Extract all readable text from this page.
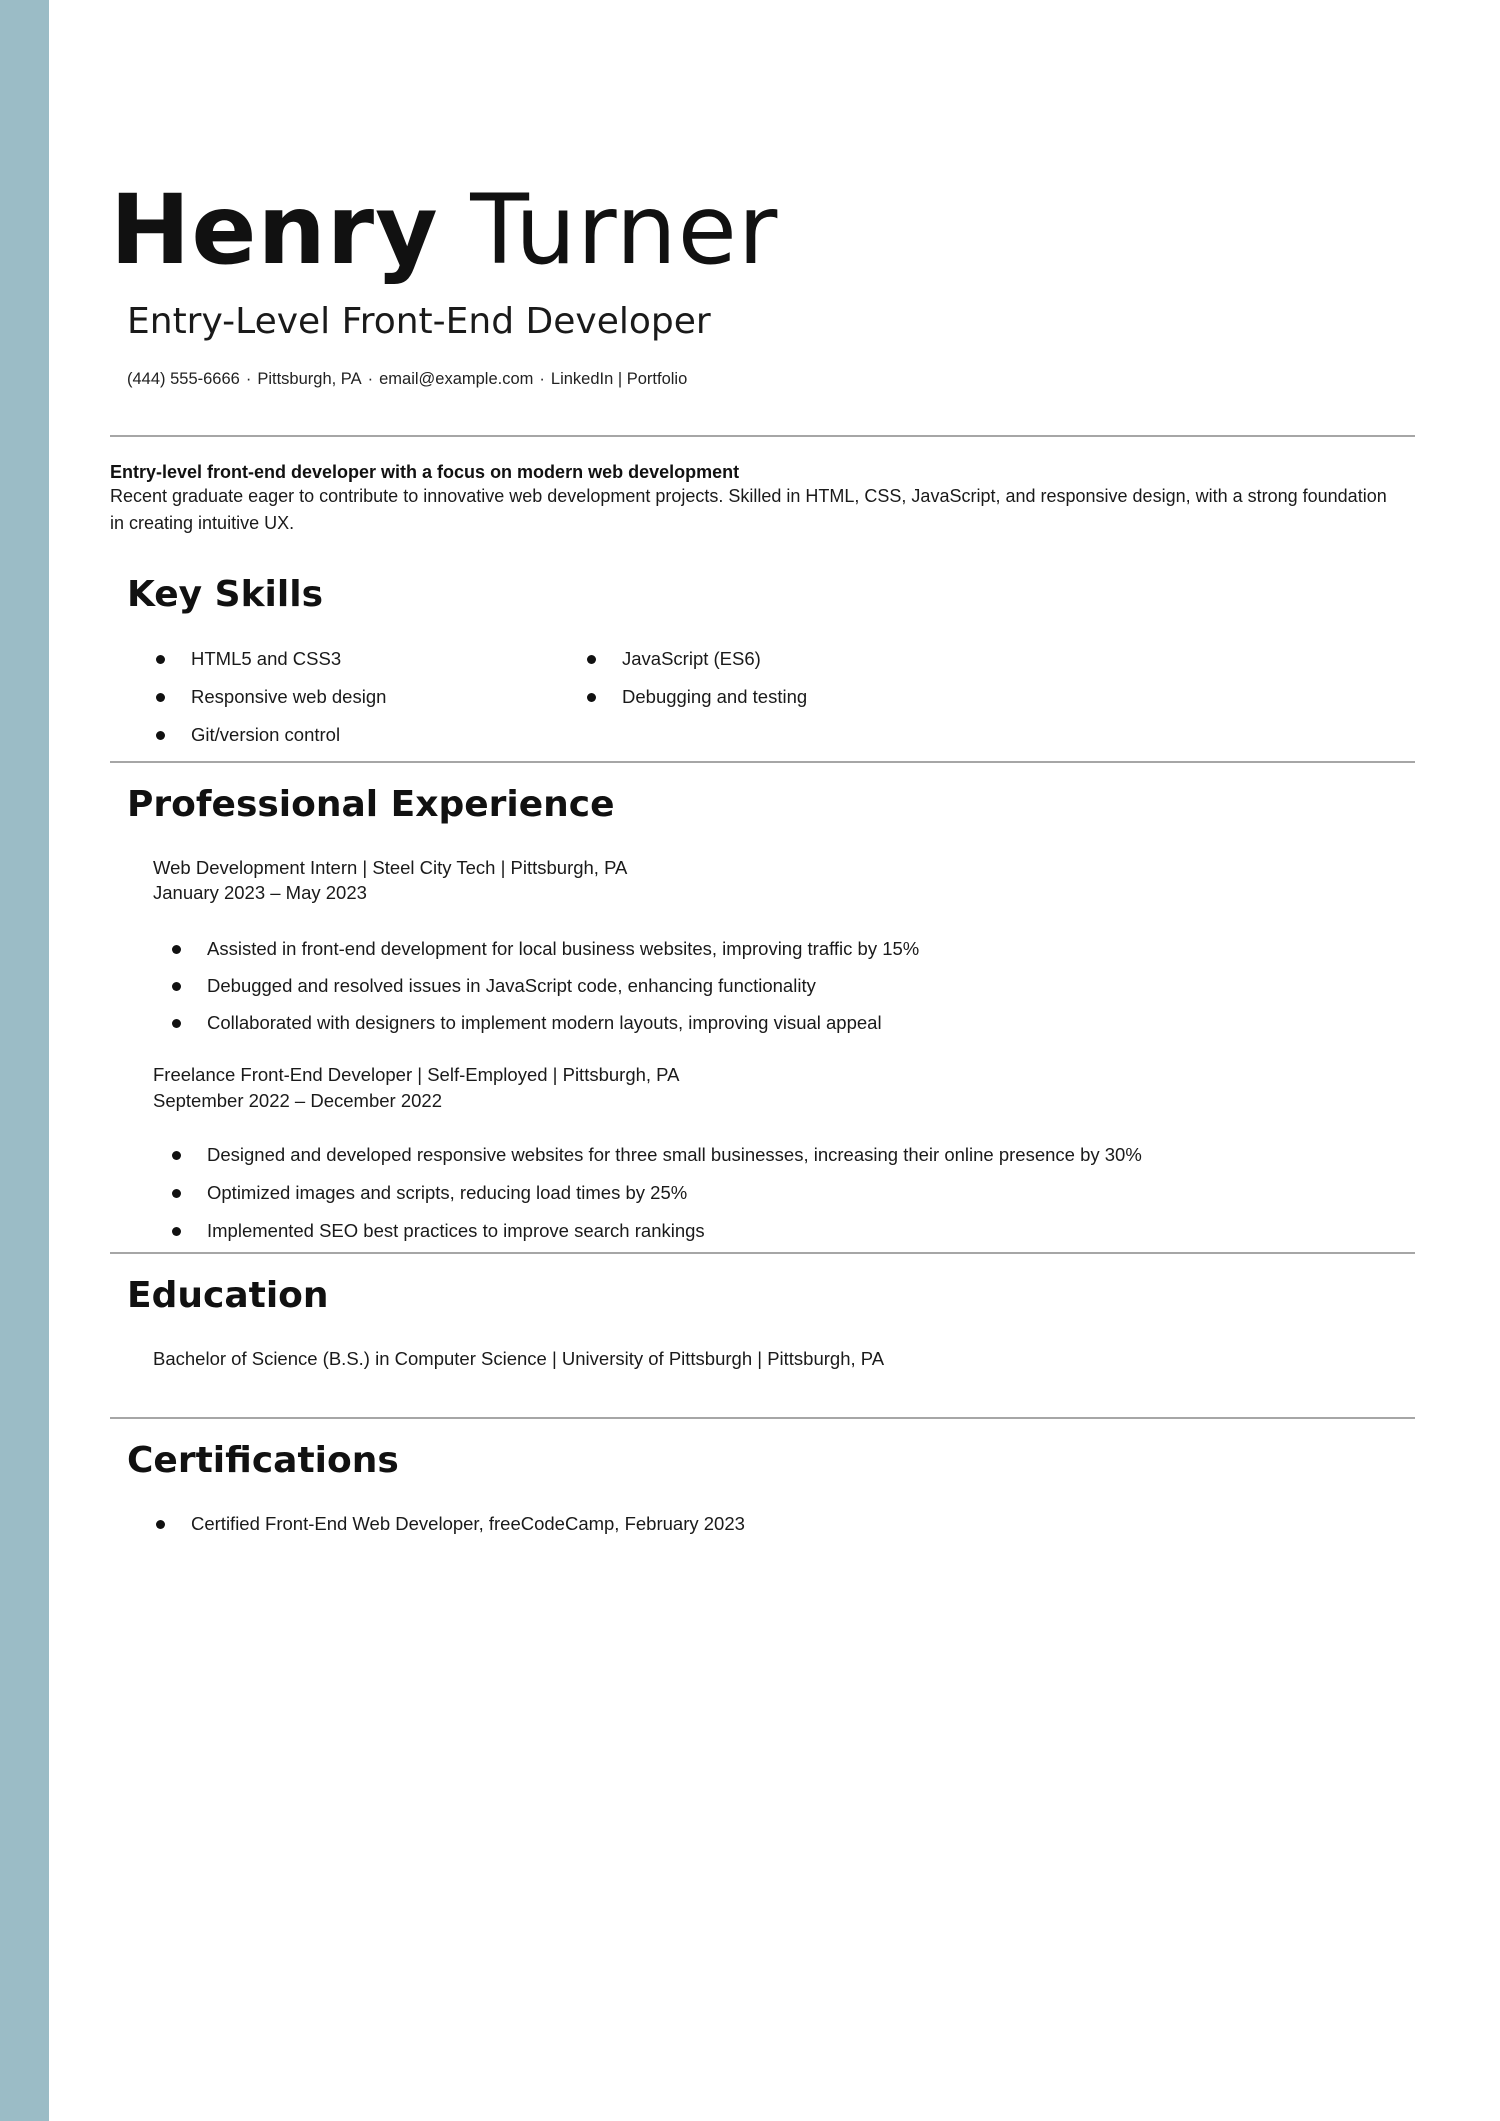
Henry Turner
Entry-Level Front-End Developer
(444) 555-6666 · Pittsburgh, PA · email@example.com · LinkedIn | Portfolio
Entry-level front-end developer with a focus on modern web development
Recent graduate eager to contribute to innovative web development projects. Skilled in HTML, CSS, JavaScript, and responsive design, with a strong foundation in creating intuitive UX.
Key Skills
HTML5 and CSS3
Responsive web design
Git/version control
JavaScript (ES6)
Debugging and testing
Professional Experience
Web Development Intern | Steel City Tech | Pittsburgh, PA
January 2023 – May 2023
Assisted in front-end development for local business websites, improving traffic by 15%
Debugged and resolved issues in JavaScript code, enhancing functionality
Collaborated with designers to implement modern layouts, improving visual appeal
Freelance Front-End Developer | Self-Employed | Pittsburgh, PA
September 2022 – December 2022
Designed and developed responsive websites for three small businesses, increasing their online presence by 30%
Optimized images and scripts, reducing load times by 25%
Implemented SEO best practices to improve search rankings
Education
Bachelor of Science (B.S.) in Computer Science | University of Pittsburgh | Pittsburgh, PA
Certifications
Certified Front-End Web Developer, freeCodeCamp, February 2023
